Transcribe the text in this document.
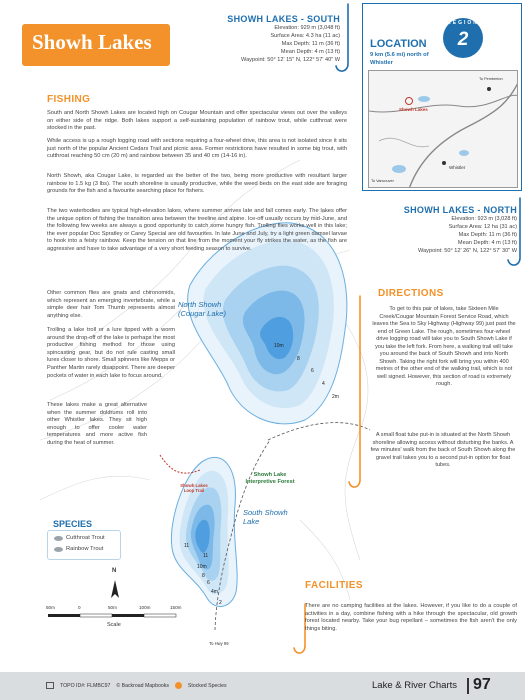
Showh Lakes
SHOWH LAKES - SOUTH
Elevation: 929 m (3,048 ft)
Surface Area: 4.3 ha (11 ac)
Max Depth: 11 m (36 ft)
Mean Depth: 4 m (13 ft)
Waypoint: 50° 12' 15" N, 122° 57' 40" W
REGION
2
LOCATION
9 km (5.6 mi) north of Whistler
Showh Lakes
Whistler
To Pemberton
To Vancouver
FISHING
South and North Showh Lakes are located high on Cougar Mountain and offer spectacular views out over the valleys on either side of the ridge. Both lakes support a self-sustaining population of rainbow trout, while cutthroat were stocked in the past.
While access is up a rough logging road with sections requiring a four-wheel drive, this area is not isolated since it sits just north of the popular Ancient Cedars Trail and picnic area. Former restrictions have resulted in some big trout, with cutthroat reaching 50 cm (20 m) and rainbow between 35 and 40 cm (14-16 in).
North Showh, aka Cougar Lake, is regarded as the better of the two, being more productive with resultant larger rainbow to 1.5 kg (3 lbs). The south shoreline is usually productive, while the weed beds on the east side are foraging grounds for the fish and a favourite searching place for fishers.
The two waterbodies are typical high-elevation lakes, where summer arrives late and fall comes early. The lakes offer the unique option of fishing the transition area between the treeline and alpine. Ice-off usually occurs by mid-June, and the following few weeks are always a good opportunity to catch some hungry fish. Trolling flies works well in this lake; the ever popular Doc Spratley or Carey Special are old favourites. In late June and July, try a light green damsel larvae to hook into a feisty rainbow. Keep the tension on that line from the moment your fly strikes the water, as the fish are aggressive and have to take advantage of a very short feeding season to survive.
Other common flies are gnats and chironomids, which represent an emerging invertebrate, while a simple deer hair Tom Thumb represents almost anything else.
Trolling a lake troll or a lure tipped with a worm around the drop-off of the lake is perhaps the most productive fishing method for those using spincasting gear, but do not rule casting small lures closer to shore. Small spinners like Mepps or Panther Martin rarely disappoint. There are deeper pockets of water in each lake to focus around.
These lakes make a great alternative when the summer doldrums roll into other Whistler lakes. They sit high enough to offer cooler water temperatures and more active fish during the heat of summer.
SHOWH LAKES - NORTH
Elevation: 923 m (3,028 ft)
Surface Area: 12 ha (31 ac)
Max Depth: 11 m (36 ft)
Mean Depth: 4 m (13 ft)
Waypoint: 50° 12' 26" N, 122° 57' 30" W
DIRECTIONS
To get to this pair of lakes, take Sixteen Mile Creek/Cougar Mountain Forest Service Road, which leaves the Sea to Sky Highway (Highway 99) just past the end of Green Lake. The rough, sometimes four-wheel drive logging road will take you to South Showh Lake if you take the left fork. From here, a walking trail will take you around the back of South Showh and into North Showh. Taking the right fork will bring you within 400 metres of the other end of the walking trail, which is not well signed. However, this section of road is extremely rough.
A small float tube put-in is situated at the North Showh shoreline allowing access without disturbing the banks. A few minutes' walk from the back of South Showh along the gravel trail takes you to a second put-in option for float tubes.
North Showh (Cougar Lake)
South Showh Lake
Showh Lake Interpretive Forest
Showh Lakes Loop Trail
10m
8
6
4
2m
11
11
10m
8
6
4m
2
SPECIES
Cutthroat Trout
Rainbow Trout
N
50m	0	50m	100m	150m
Scale
To Hwy 99
FACILITIES
There are no camping facilities at the lakes. However, if you like to do a couple of activities in a day, combine fishing with a hike through the spectacular, old growth forest located nearby. Take your bug repellant – sometimes the fish aren't the only things biting.
TOPO ID#: FLMBC97 © Backroad Mapbooks	Stocked Species	Lake & River Charts 97
